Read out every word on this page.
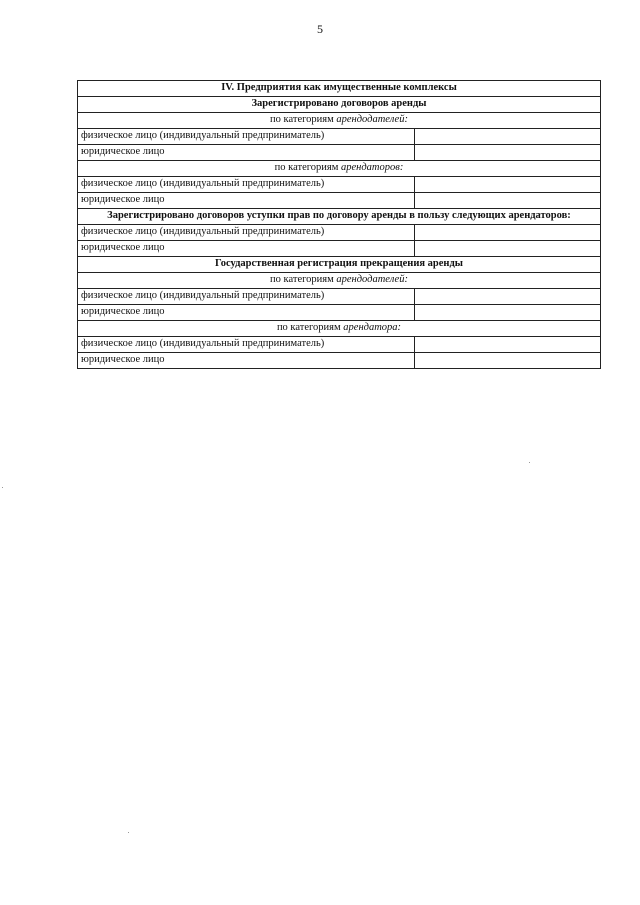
5
IV. Предприятия как имущественные комплексы	
Зарегистрировано договоров аренды	
по категориям арендодателей:	
физическое лицо (индивидуальный предприниматель)	
юридическое лицо	
по категориям арендаторов:	
физическое лицо (индивидуальный предприниматель)	
юридическое лицо	
Зарегистрировано договоров уступки прав по договору аренды в пользу следующих арендаторов:	
физическое лицо (индивидуальный предприниматель)	
юридическое лицо	
Государственная регистрация прекращения аренды	
по категориям арендодателей:	
физическое лицо (индивидуальный предприниматель)	
юридическое лицо	
по категориям арендатора:	
физическое лицо (индивидуальный предприниматель)	
юридическое лицо	
